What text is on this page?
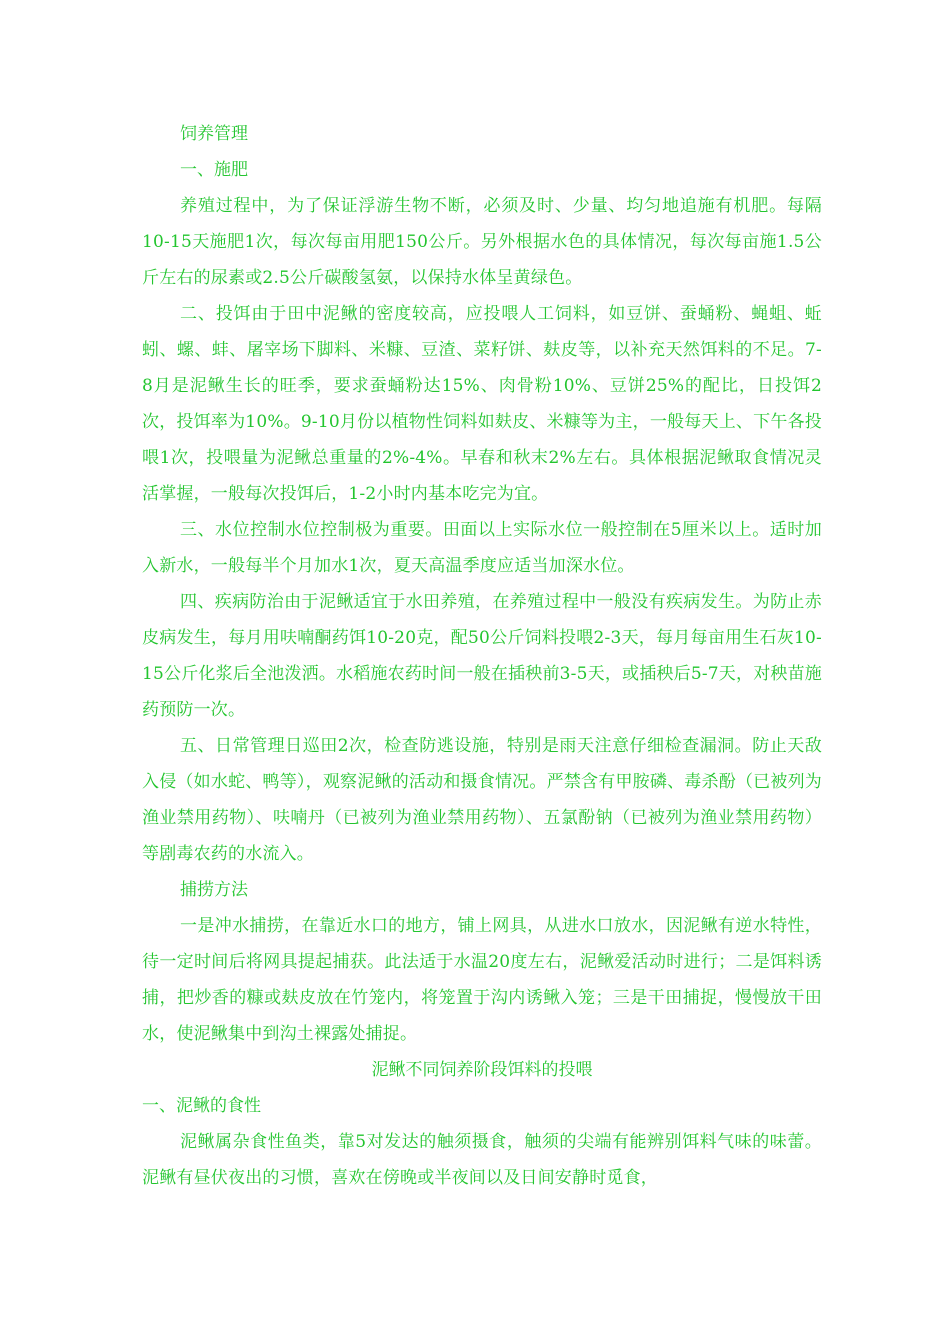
饲养管理

一、施肥

养殖过程中，为了保证浮游生物不断，必须及时、少量、均匀地追施有机肥。每隔10-15天施肥1次，每次每亩用肥150公斤。另外根据水色的具体情况，每次每亩施1.5公斤左右的尿素或2.5公斤碳酸氢氨，以保持水体呈黄绿色。

二、投饵由于田中泥鳅的密度较高，应投喂人工饲料，如豆饼、蚕蛹粉、蝇蛆、蚯蚓、螺、蚌、屠宰场下脚料、米糠、豆渣、菜籽饼、麸皮等，以补充天然饵料的不足。7-8月是泥鳅生长的旺季，要求蚕蛹粉达15%、肉骨粉10%、豆饼25%的配比，日投饵2次，投饵率为10%。9-10月份以植物性饲料如麸皮、米糠等为主，一般每天上、下午各投喂1次，投喂量为泥鳅总重量的2%-4%。早春和秋末2%左右。具体根据泥鳅取食情况灵活掌握，一般每次投饵后，1-2小时内基本吃完为宜。

三、水位控制水位控制极为重要。田面以上实际水位一般控制在5厘米以上。适时加入新水，一般每半个月加水1次，夏天高温季度应适当加深水位。

四、疾病防治由于泥鳅适宜于水田养殖，在养殖过程中一般没有疾病发生。为防止赤皮病发生，每月用呋喃酮药饵10-20克，配50公斤饲料投喂2-3天，每月每亩用生石灰10-15公斤化浆后全池泼洒。水稻施农药时间一般在插秧前3-5天，或插秧后5-7天，对秧苗施药预防一次。

五、日常管理日巡田2次，检查防逃设施，特别是雨天注意仔细检查漏洞。防止天敌入侵（如水蛇、鸭等），观察泥鳅的活动和摄食情况。严禁含有甲胺磷、毒杀酚（已被列为渔业禁用药物）、呋喃丹（已被列为渔业禁用药物）、五氯酚钠（已被列为渔业禁用药物）等剧毒农药的水流入。

捕捞方法

一是冲水捕捞，在靠近水口的地方，铺上网具，从进水口放水，因泥鳅有逆水特性，待一定时间后将网具提起捕获。此法适于水温20度左右，泥鳅爱活动时进行；二是饵料诱捕，把炒香的糠或麸皮放在竹笼内，将笼置于沟内诱鳅入笼；三是干田捕捉，慢慢放干田水，使泥鳅集中到沟土裸露处捕捉。

泥鳅不同饲养阶段饵料的投喂

一、泥鳅的食性

泥鳅属杂食性鱼类，靠5对发达的触须摄食，触须的尖端有能辨别饵料气味的味蕾。泥鳅有昼伏夜出的习惯，喜欢在傍晚或半夜间以及日间安静时觅食，
